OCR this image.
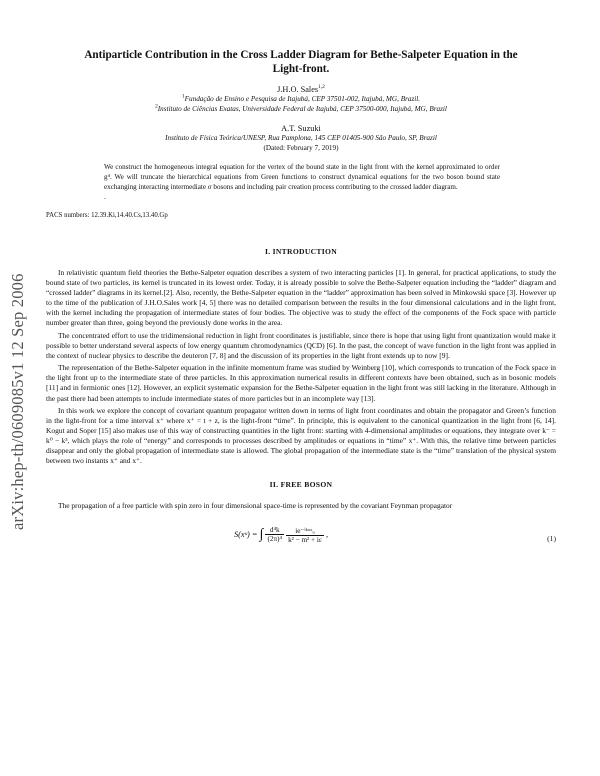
arXiv:hep-th/0609085v1 12 Sep 2006
Antiparticle Contribution in the Cross Ladder Diagram for Bethe-Salpeter Equation in the Light-front.
J.H.O. Sales$^{1,2}$
$^1$Fundação de Ensino e Pesquisa de Itajubá, CEP 37501-002, Itajubá, MG, Brazil.
$^2$Instituto de Ciências Exatas, Universidade Federal de Itajubá, CEP 37500-000, Itajubá, MG, Brazil
A.T. Suzuki
Instituto de Física Teórica/UNESP, Rua Pamplona, 145 CEP 01405-900 São Paulo, SP, Brazil
(Dated: February 7, 2019)
We construct the homogeneous integral equation for the vertex of the bound state in the light front with the kernel approximated to order g⁴. We will truncate the hierarchical equations from Green functions to construct dynamical equations for the two boson bound state exchanging interacting intermediate σ bosons and including pair creation process contributing to the crossed ladder diagram.
.
PACS numbers: 12.39.Ki,14.40.Cs,13.40.Gp
I. INTRODUCTION

In relativistic quantum field theories the Bethe-Salpeter equation describes a system of two interacting particles [1]. In general, for practical applications, to study the bound state of two particles, its kernel is truncated in its lowest order. Today, it is already possible to solve the Bethe-Salpeter equation including the “ladder” diagram and “crossed ladder” diagrams in its kernel.[2]. Also, recently, the Bethe-Salpeter equation in the “ladder” approximation has been solved in Minkowski space [3]. However up to the time of the publication of J.H.O.Sales work [4, 5] there was no detailed comparison between the results in the four dimensional calculations and in the light front, with the kernel including the propagation of intermediate states of four bodies. The objective was to study the effect of the components of the Fock space with particle number greater than three, going beyond the previously done works in the area.

The concentrated effort to use the tridimensional reduction in light front coordinates is justifiable, since there is hope that using light front quantization would make it possible to better understand several aspects of low energy quantum chromodynamics (QCD) [6]. In the past, the concept of wave function in the light front was applied in the context of nuclear physics to describe the deuteron [7, 8] and the discussion of its properties in the light front extends up to now [9].

The representation of the Bethe-Salpeter equation in the infinite momentum frame was studied by Weinberg [10], which corresponds to truncation of the Fock space in the light front up to the intermediate state of three particles. In this approximation numerical results in different contexts have been obtained, such as in bosonic models [11] and in fermionic ones [12]. However, an explicit systematic expansion for the Bethe-Salpeter equation in the light front was still lacking in the literature. Although in the past there had been attempts to include intermediate states of more particles but in an incomplete way [13].

In this work we explore the concept of covariant quantum propagator written down in terms of light front coordinates and obtain the propagator and Green’s function in the light-front for a time interval x⁺ where x⁺ = t + z, is the light-front “time”. In principle, this is equivalent to the canonical quantization in the light front [6, 14]. Kogut and Soper [15] also makes use of this way of constructing quantities in the light front: starting with 4-dimensional amplitudes or equations, they integrate over k⁻ = k⁰ − k³, which plays the role of “energy” and corresponds to processes described by amplitudes or equations in “time” x⁺. With this, the relative time between particles disappear and only the global propagation of intermediate state is allowed. The global propagation of the intermediate state is the “time” translation of the physical system between two instants x⁺ and x⁺.

II. FREE BOSON

The propagation of a free particle with spin zero in four dimensional space-time is represented by the covariant Feynman propagator

S(xᵘ) = ∫ $\frac{\text{d⁴k}}{\text{(2π)⁴}}$
$\frac{\text{ie⁻ⁱᵏᵘˣᵤ}}{\text{k² − m² + iε}}$ ,	(1)
